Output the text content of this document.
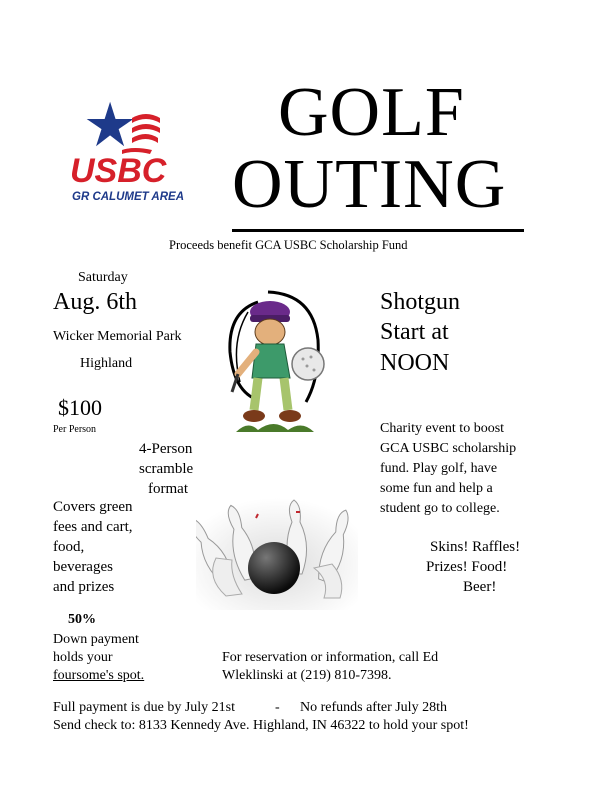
USBC
GR CALUMET AREA
GOLF
OUTING
Proceeds benefit GCA USBC Scholarship Fund
Saturday
Aug. 6th
Wicker Memorial Park
Highland
$100
Per Person
4-Person
scramble
format
Covers green
fees and cart,
food,
beverages
and prizes
Shotgun
Start at
NOON
Charity event to boost
GCA USBC scholarship
fund. Play golf, have
some fun and help a
student go to college.
Skins! Raffles!
Prizes! Food!
Beer!
50%
Down payment
holds your
foursome's spot.
For reservation or information, call Ed
Wleklinski at (219) 810-7398.
Full payment is due by July 21st	- No refunds after July 28th
Send check to: 8133 Kennedy Ave. Highland, IN 46322 to hold your spot!
